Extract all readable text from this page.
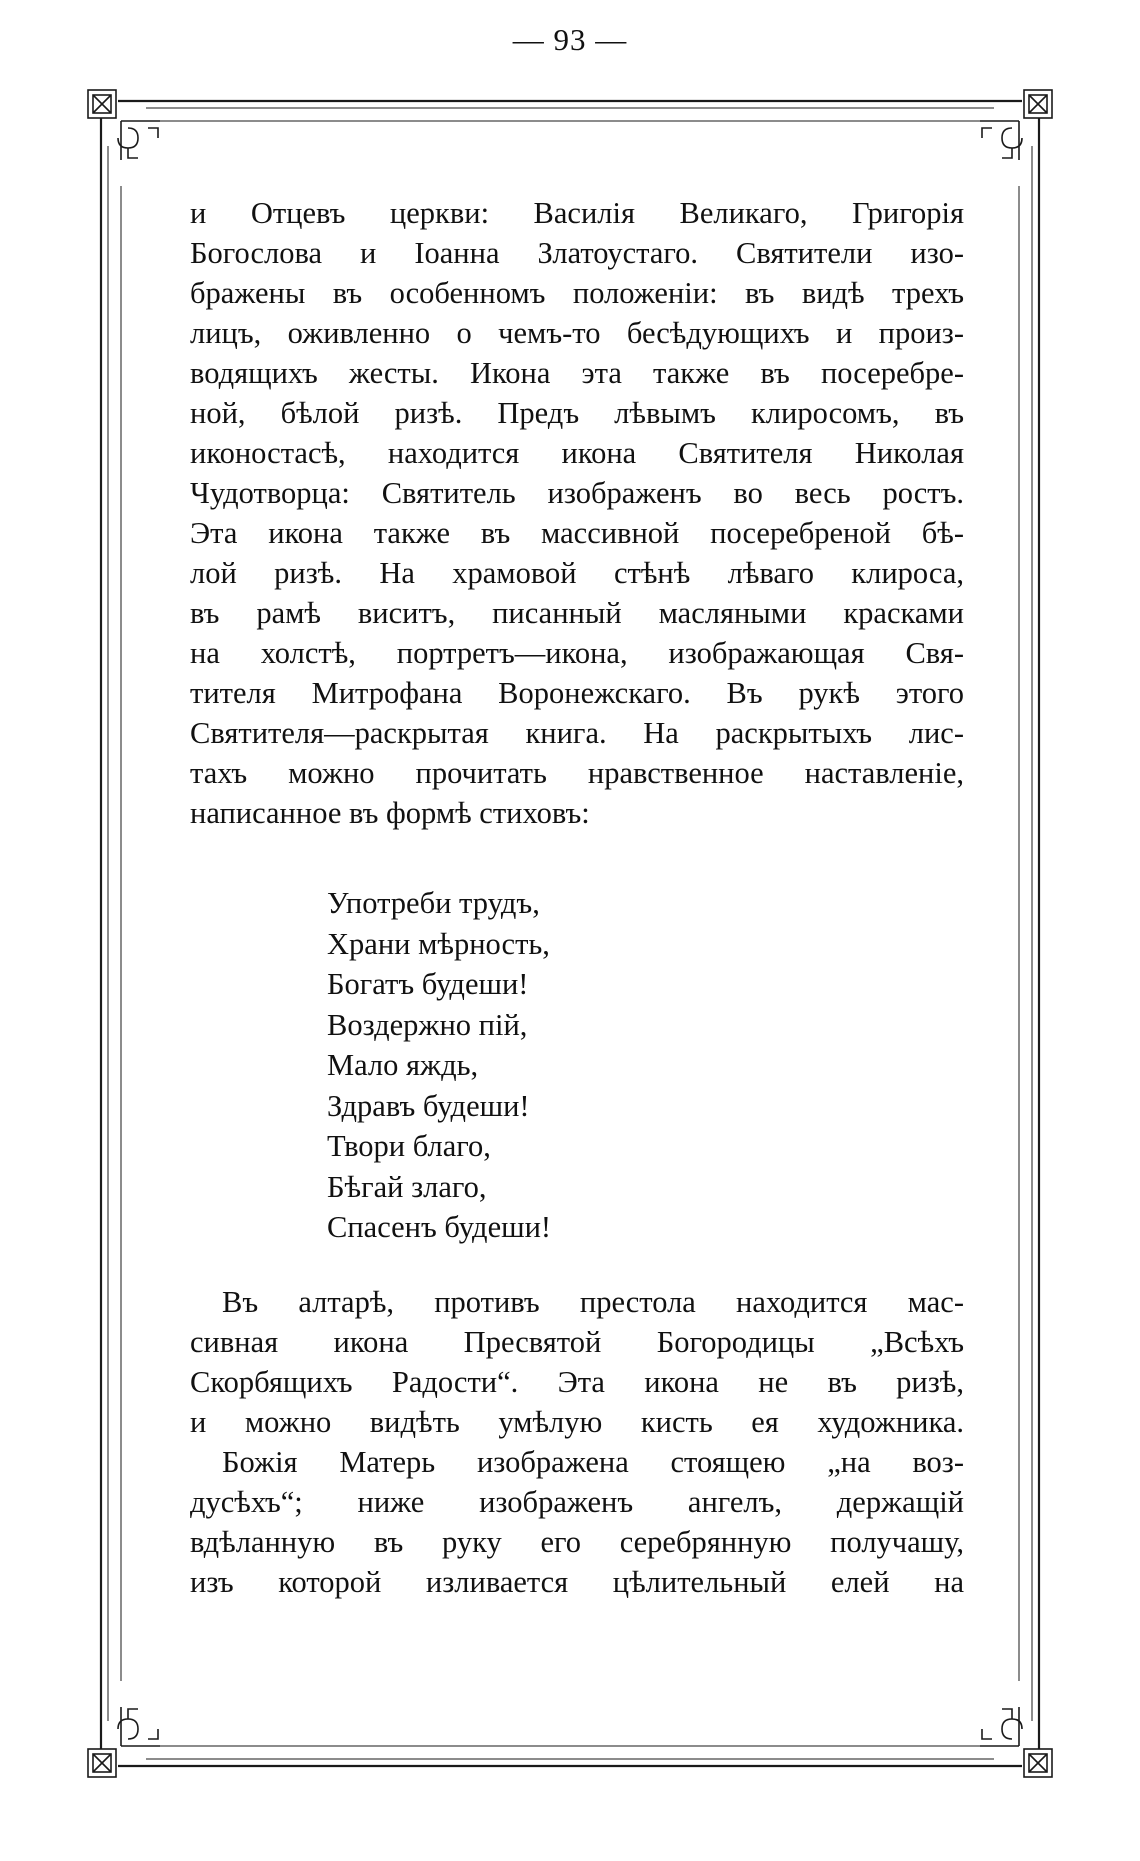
— 93 —
и Отцевъ церкви: Василія Великаго, Григорія
Богослова и Іоанна Златоустаго. Святители изо-
бражены въ особенномъ положеніи: въ видѣ трехъ
лицъ, оживленно о чемъ-то бесѣдующихъ и произ-
водящихъ жесты. Икона эта также въ посеребре-
ной, бѣлой ризѣ. Предъ лѣвымъ клиросомъ, въ
иконостасѣ, находится икона Святителя Николая
Чудотворца: Святитель изображенъ во весь ростъ.
Эта икона также въ массивной посеребреной бѣ-
лой ризѣ. На храмовой стѣнѣ лѣваго клироса,
въ рамѣ виситъ, писанный масляными красками
на холстѣ, портретъ—икона, изображающая Свя-
тителя Митрофана Воронежскаго. Въ рукѣ этого
Святителя—раскрытая книга. На раскрытыхъ лис-
тахъ можно прочитать нравственное наставленіе,
написанное въ формѣ стиховъ:
Употреби трудъ,
Храни мѣрность,
Богатъ будеши!
Воздержно пій,
Мало яждь,
Здравъ будеши!
Твори благо,
Бѣгай злаго,
Спасенъ будеши!
Въ алтарѣ, противъ престола находится мас-
сивная икона Пресвятой Богородицы „Всѣхъ
Скорбящихъ Радости“. Эта икона не въ ризѣ,
и можно видѣть умѣлую кисть ея художника.
Божія Матерь изображена стоящею „на воз-
дусѣхъ“; ниже изображенъ ангелъ, держащій
вдѣланную въ руку его серебрянную получашу,
изъ которой изливается цѣлительный елей на
